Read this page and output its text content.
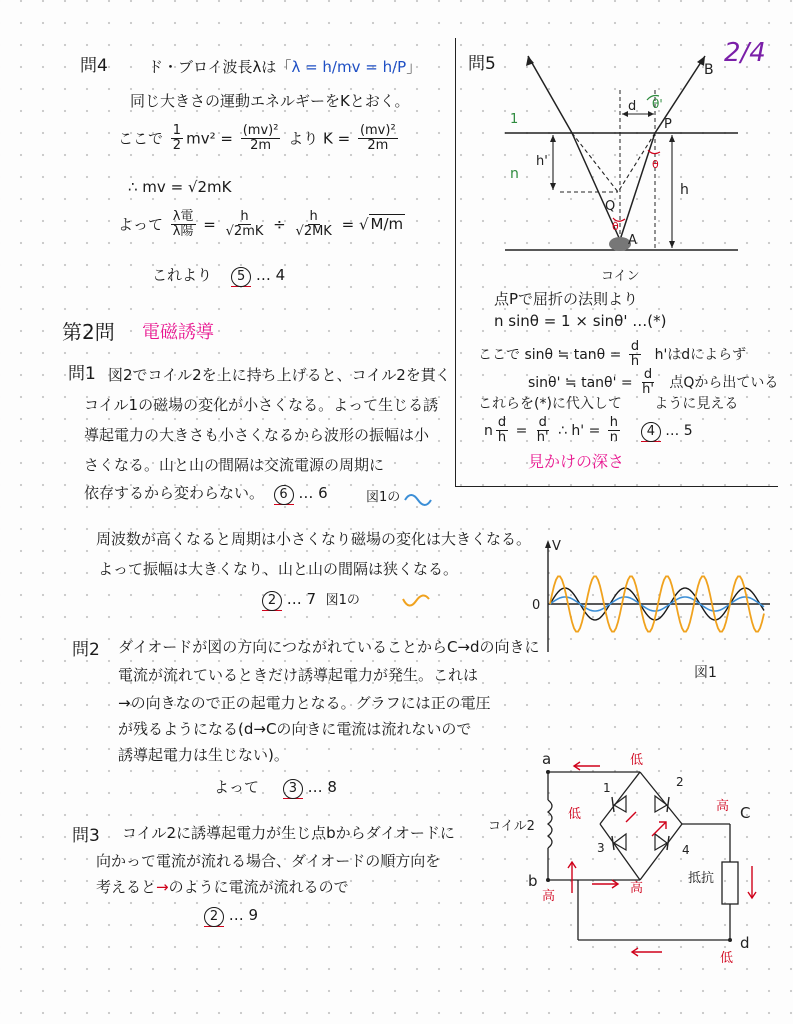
2/4
問4	ド・ブロイ波長λは「λ = h/mv = h/P」
同じ大きさの運動エネルギーをKとおく。
ここで $\frac{1}{2} mv^2 = \frac{\text{(mv)²}}{2m}$ より $K = \frac{\text{(mv)²}}{2m}$
∴ mv = √2mK
よって $\frac{\text{λ電}}{\text{λ陽}} = \frac{h}{√2mK} \div \frac{h}{√2MK}$ = √ M/m
これより 5 … 4
問5	B
θ'
d
P
1
n
h'	θ
h
Q
θ
A
コイン
点Pで屈折の法則より
n sinθ = 1 × sinθ' …(*)
ここで sinθ ≒ $\tan\theta = \frac{d}{h} h'$はdによらず
sinθ' ≒ $\tan\theta' = \frac{d}{h'}$ 点Qから出ている
これらを(*)に代入して ように見える
n $\frac{d}{h} = \frac{d}{h'}$ ∴ $h' = \frac{h}{n} 4$ … 5
見かけの深さ
第2問 電磁誘導
問1 図2でコイル2を上に持ち上げると、コイル2を貫く
コイル1の磁場の変化が小さくなる。よって生じる誘
導起電力の大きさも小さくなるから波形の振幅は小
さくなる。山と山の間隔は交流電源の周期に
依存するから変わらない。 6 … 6	図1の
周波数が高くなると周期は小さくなり磁場の変化は大きくなる。
よって振幅は大きくなり、山と山の間隔は狭くなる。
2 … 7 図1の
V
0
図1
問2 ダイオードが図の方向につながれていることからC→dの向きに
電流が流れているときだけ誘導起電力が発生。これは
→の向きなので正の起電力となる。グラフには正の電圧
が残るようになる(d→Cの向きに電流は流れないので
誘導起電力は生じない)。
よって 3 … 8
問3 コイル2に誘導起電力が生じ点bからダイオードに
向かって電流が流れる場合、ダイオードの順方向を
考えると→のように電流が流れるので
2 … 9
a
b
C
d
コイル2
低
低
低
高
高
高
1	2
3	4
抵抗
